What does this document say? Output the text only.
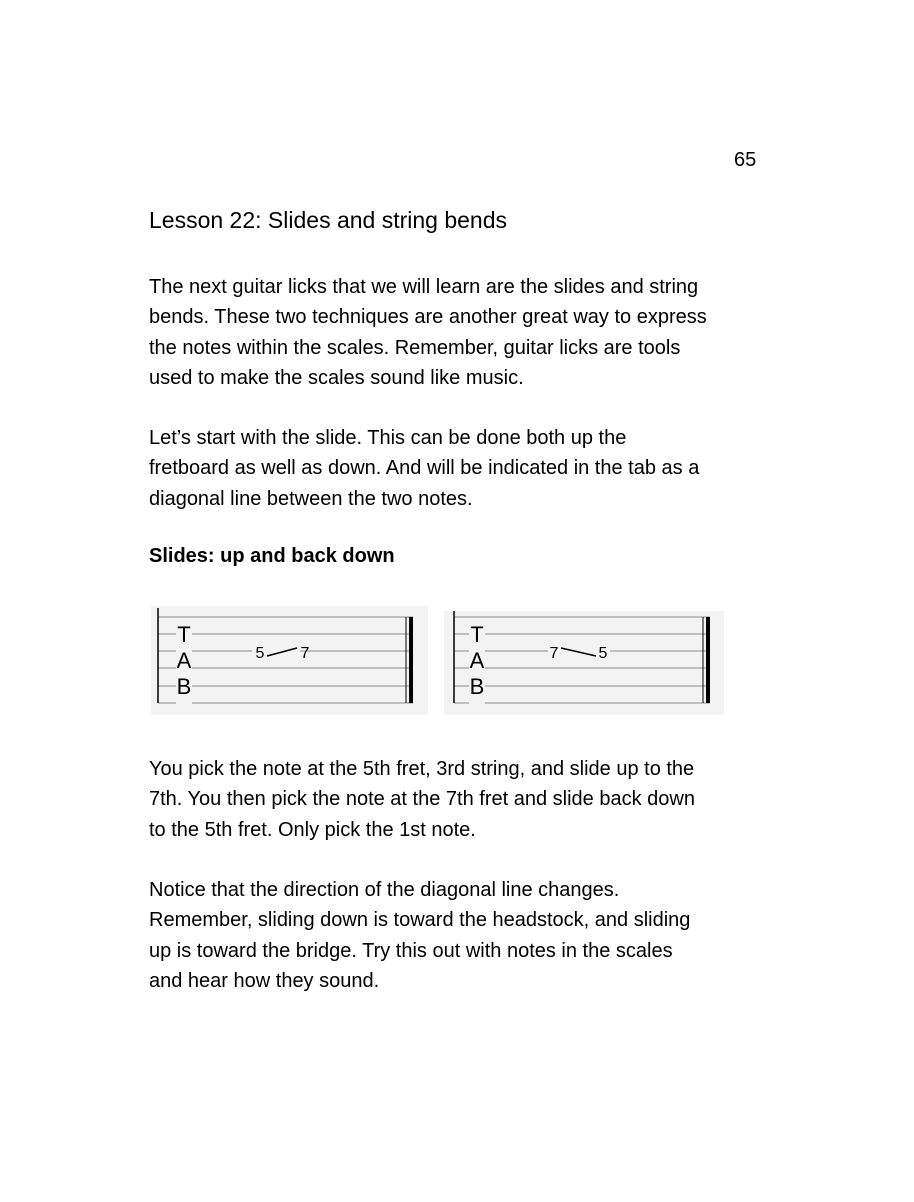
65
Lesson 22: Slides and string bends

The next guitar licks that we will learn are the slides and string
bends. These two techniques are another great way to express
the notes within the scales. Remember, guitar licks are tools
used to make the scales sound like music.

Let’s start with the slide. This can be done both up the
fretboard as well as down. And will be indicated in the tab as a
diagonal line between the two notes.

Slides: up and back down
T
A
B
5 7
T
A
B
7	5

You pick the note at the 5th fret, 3rd string, and slide up to the
7th. You then pick the note at the 7th fret and slide back down
to the 5th fret. Only pick the 1st note.

Notice that the direction of the diagonal line changes.
Remember, sliding down is toward the headstock, and sliding
up is toward the bridge. Try this out with notes in the scales
and hear how they sound.
